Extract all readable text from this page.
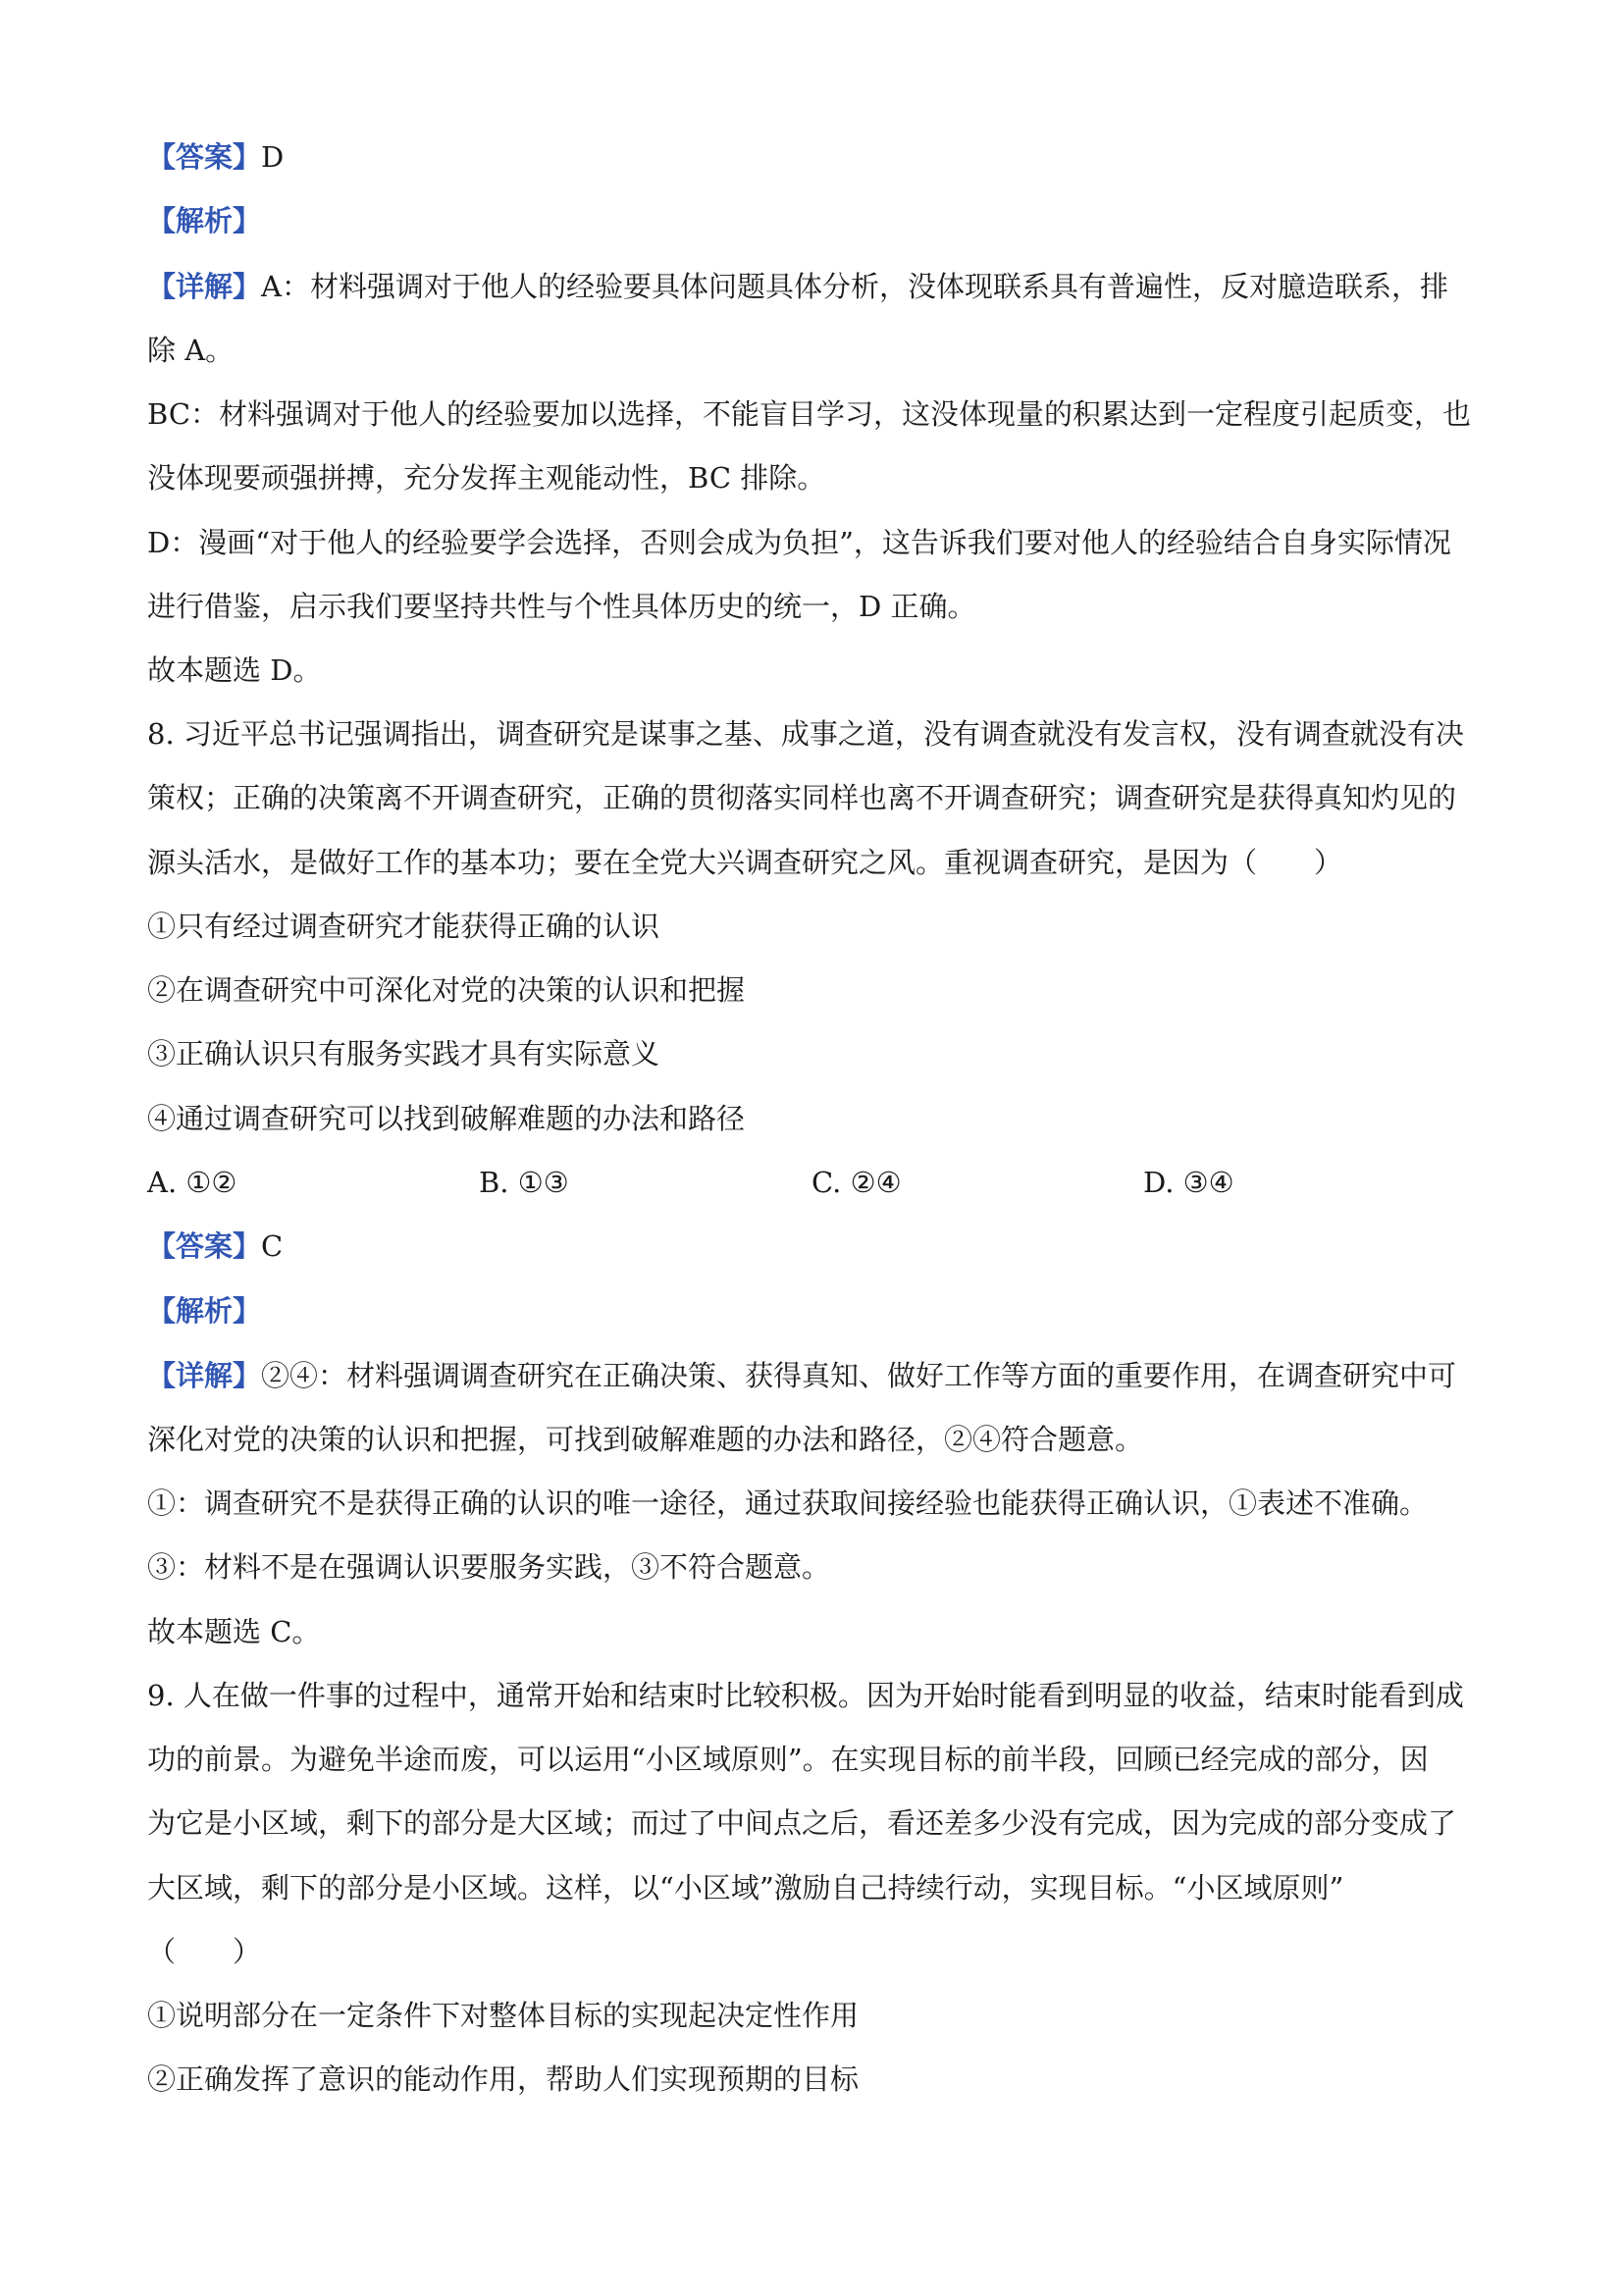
A. ①②	B. ①③	C. ②④	D. ③④
【答案】D
【解析】
【详解】A：材料强调对于他人的经验要具体问题具体分析，没体现联系具有普遍性，反对臆造联系，排
除 A。
BC：材料强调对于他人的经验要加以选择，不能盲目学习，这没体现量的积累达到一定程度引起质变，也
没体现要顽强拼搏，充分发挥主观能动性，BC 排除。
D：漫画“对于他人的经验要学会选择，否则会成为负担”，这告诉我们要对他人的经验结合自身实际情况
进行借鉴，启示我们要坚持共性与个性具体历史的统一，D 正确。
故本题选 D。
8. 习近平总书记强调指出，调查研究是谋事之基、成事之道，没有调查就没有发言权，没有调查就没有决
策权；正确的决策离不开调查研究，正确的贯彻落实同样也离不开调查研究；调查研究是获得真知灼见的
源头活水，是做好工作的基本功；要在全党大兴调查研究之风。重视调查研究，是因为（　　）
①只有经过调查研究才能获得正确的认识
②在调查研究中可深化对党的决策的认识和把握
③正确认识只有服务实践才具有实际意义
④通过调查研究可以找到破解难题的办法和路径
【答案】C
【解析】
【详解】②④：材料强调调查研究在正确决策、获得真知、做好工作等方面的重要作用，在调查研究中可
深化对党的决策的认识和把握，可找到破解难题的办法和路径，②④符合题意。
①：调查研究不是获得正确的认识的唯一途径，通过获取间接经验也能获得正确认识，①表述不准确。
③：材料不是在强调认识要服务实践，③不符合题意。
故本题选 C。
9. 人在做一件事的过程中，通常开始和结束时比较积极。因为开始时能看到明显的收益，结束时能看到成
功的前景。为避免半途而废，可以运用“小区域原则”。在实现目标的前半段，回顾已经完成的部分，因
为它是小区域，剩下的部分是大区域；而过了中间点之后，看还差多少没有完成，因为完成的部分变成了
大区域，剩下的部分是小区域。这样，以“小区域”激励自己持续行动，实现目标。“小区域原则”
（　　）
①说明部分在一定条件下对整体目标的实现起决定性作用
②正确发挥了意识的能动作用，帮助人们实现预期的目标
